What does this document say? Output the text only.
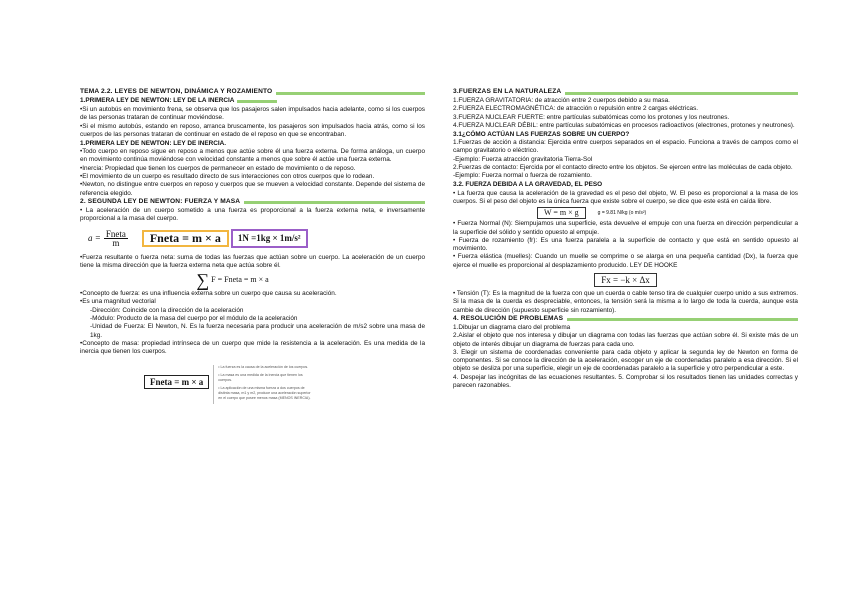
TEMA 2.2. LEYES DE NEWTON, DINÁMICA Y ROZAMIENTO
1.PRIMERA LEY DE NEWTON: LEY DE LA INERCIA

•Si un autobús en movimiento frena, se observa que los pasajeros salen impulsados hacia adelante, como si los cuerpos de las personas trataran de continuar moviéndose.

•Si el mismo autobús, estando en reposo, arranca bruscamente, los pasajeros son impulsados hacia atrás, como si los cuerpos de las personas trataran de continuar en estado de el reposo en que se encontraban.

1.PRIMERA LEY DE NEWTON: LEY DE INERCIA.

•Todo cuerpo en reposo sigue en reposo a menos que actúe sobre él una fuerza externa. De forma análoga, un cuerpo en movimiento continúa moviéndose con velocidad constante a menos que sobre él actúe una fuerza externa.

•Inercia: Propiedad que tienen los cuerpos de permanecer en estado de movimiento o de reposo.

•El movimiento de un cuerpo es resultado directo de sus interacciones con otros cuerpos que lo rodean.

•Newton, no distingue entre cuerpos en reposo y cuerpos que se mueven a velocidad constante. Depende del sistema de referencia elegido.

2. SEGUNDA LEY DE NEWTON: FUERZA Y MASA

• La aceleración de un cuerpo sometido a una fuerza es proporcional a la fuerza externa neta, e inversamente proporcional a la masa del cuerpo.

a = Fneta
m	Fneta = m × a	1N =1kg × 1m/s²

•Fuerza resultante o fuerza neta: suma de todas las fuerzas que actúan sobre un cuerpo. La aceleración de un cuerpo tiene la misma dirección que la fuerza externa neta que actúa sobre él.

∑ F = Fneta = m × a

•Concepto de fuerza: es una influencia externa sobre un cuerpo que causa su aceleración.

•Es una magnitud vectorial

-Dirección: Coincide con la dirección de la aceleración

-Módulo: Producto de la masa del cuerpo por el módulo de la aceleración

-Unidad de Fuerza: El Newton, N. Es la fuerza necesaria para producir una aceleración de m/s2 sobre una masa de 1kg.

•Concepto de masa: propiedad intrínseca de un cuerpo que mide la resistencia a la aceleración. Es una medida de la inercia que tienen los cuerpos.

Fneta = m × a
• La fuerza es la causa de la aceleración de los cuerpos.
• La masa es una medida de la inercia que tienen los cuerpos.
• La aplicación de una misma fuerza a dos cuerpos de distinta masa, m1 y m2, produce una aceleración superior en el cuerpo que posee menos masa (MENOS INERCIA).
3.FUERZAS EN LA NATURALEZA

1.FUERZA GRAVITATORIA: de atracción entre 2 cuerpos debido a su masa.

2.FUERZA ELECTROMAGNÉTICA: de atracción o repulsión entre 2 cargas eléctricas.

3.FUERZA NUCLEAR FUERTE: entre partículas subatómicas como los protones y los neutrones.

4.FUERZA NUCLEAR DÉBIL: entre partículas subatómicas en procesos radioactivos (electrones, protones y neutrones).

3.1¿CÓMO ACTÚAN LAS FUERZAS SOBRE UN CUERPO?

1.Fuerzas de acción a distancia: Ejercida entre cuerpos separados en el espacio. Funciona a través de campos como el campo gravitatorio o eléctrico.

-Ejemplo: Fuerza atracción gravitatoria Tierra-Sol

2.Fuerzas de contacto: Ejercida por el contacto directo entre los objetos. Se ejercen entre las moléculas de cada objeto.

-Ejemplo: Fuerza normal o fuerza de rozamiento.

3.2. FUERZA DEBIDA A LA GRAVEDAD, EL PESO

• La fuerza que causa la aceleración de la gravedad es el peso del objeto, W. El peso es proporcional a la masa de los cuerpos. Si el peso del objeto es la única fuerza que existe sobre el cuerpo, se dice que este está en caída libre.

W = m × g	g = 9.81 N/kg (o m/s²)

• Fuerza Normal (N): Siempujamos una superficie, esta devuelve el empuje con una fuerza en dirección perpendicular a la superficie del sólido y sentido opuesto al empuje.

• Fuerza de rozamiento (fr): Es una fuerza paralela a la superficie de contacto y que está en sentido opuesto al movimiento.

• Fuerza elástica (muelles): Cuando un muelle se comprime o se alarga en una pequeña cantidad (Dx), la fuerza que ejerce el muelle es proporcional al desplazamiento producido. LEY DE HOOKE

Fx = −k × Δx

• Tensión (T): Es la magnitud de la fuerza con que un cuerda o cable tenso tira de cualquier cuerpo unido a sus extremos. Si la masa de la cuerda es despreciable, entonces, la tensión será la misma a lo largo de toda la cuerda, aunque esta cambie de dirección (supuesto superficie sin rozamiento).

4. RESOLUCIÓN DE PROBLEMAS

1.Dibujar un diagrama claro del problema

2.Aislar el objeto que nos interesa y dibujar un diagrama con todas las fuerzas que actúan sobre él. Si existe más de un objeto de interés dibujar un diagrama de fuerzas para cada uno.

3. Elegir un sistema de coordenadas conveniente para cada objeto y aplicar la segunda ley de Newton en forma de componentes. Si se conoce la dirección de la aceleración, escoger un eje de coordenadas paralelo a esa dirección. Si el objeto se desliza por una superficie, elegir un eje de coordenadas paralelo a la superficie y otro perpendicular a este.

4. Despejar las incógnitas de las ecuaciones resultantes. 5. Comprobar si los resultados tienen las unidades correctas y parecen razonables.
